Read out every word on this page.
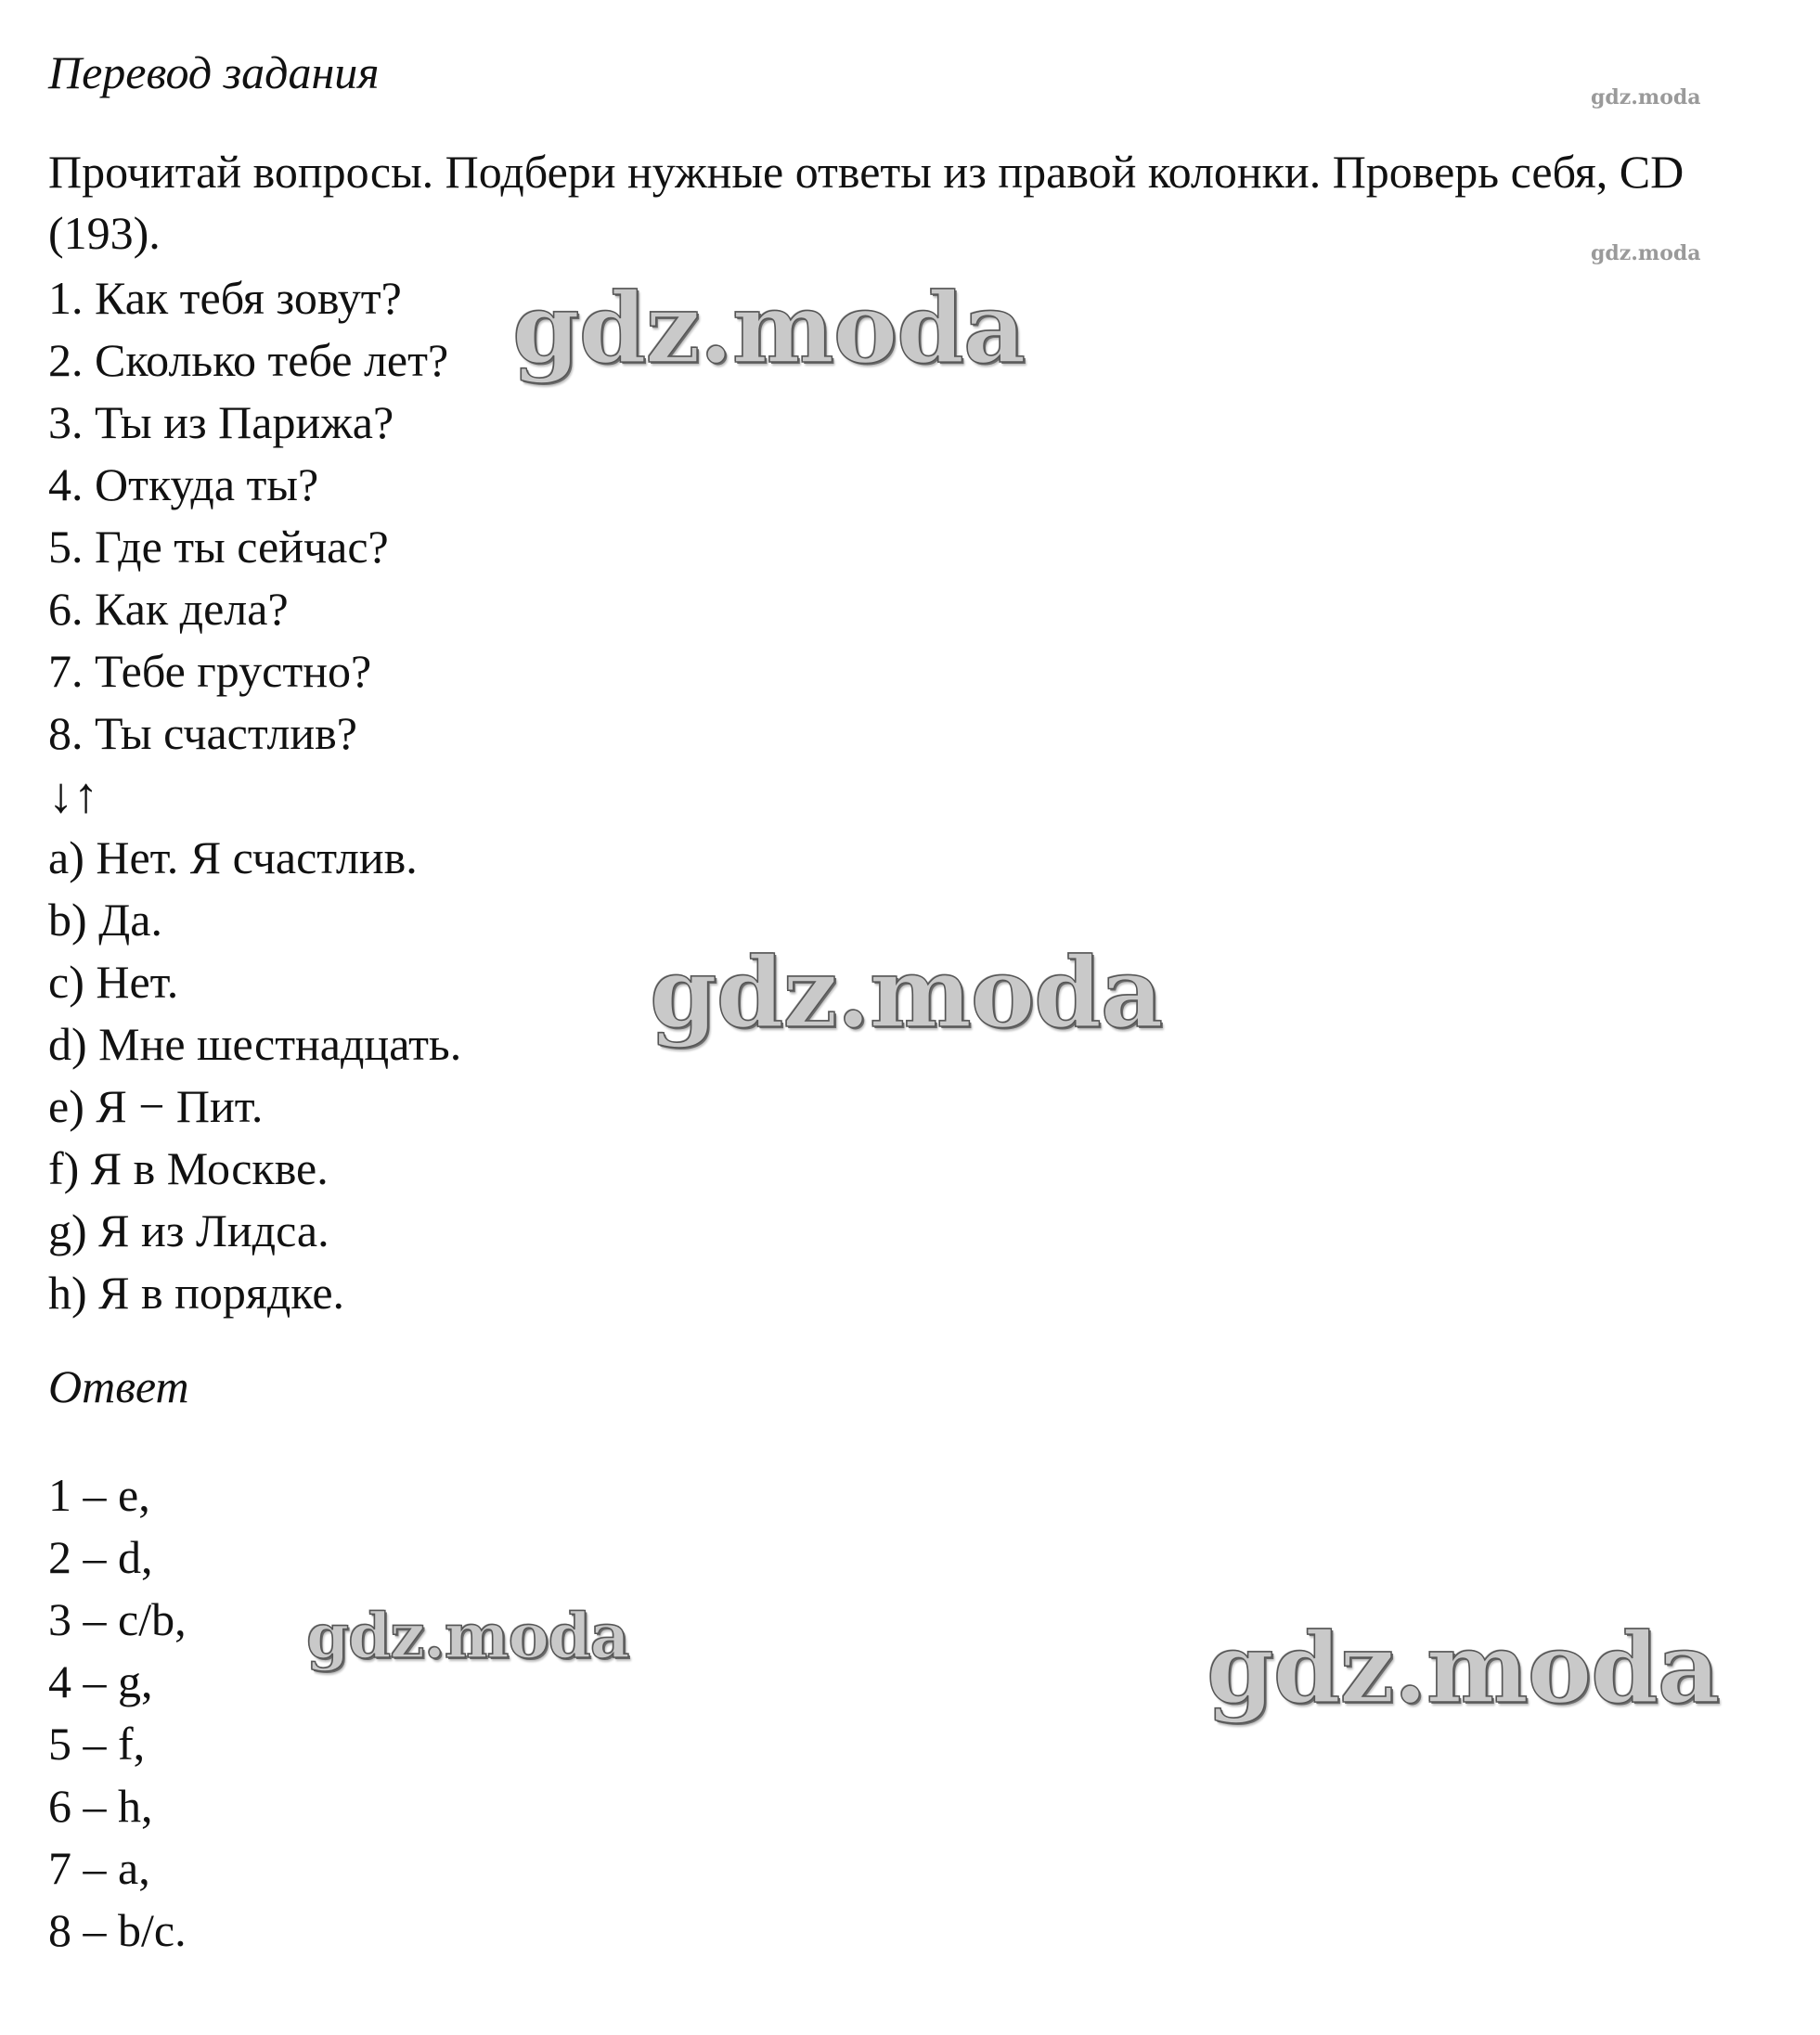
Перевод задания

Прочитай вопросы. Подбери нужные ответы из правой колонки. Проверь себя, CD (193).

1. Как тебя зовут?
2. Сколько тебе лет?
3. Ты из Парижа?
4. Откуда ты?
5. Где ты сейчас?
6. Как дела?
7. Тебе грустно?
8. Ты счастлив?
↓↑
a) Нет. Я счастлив.
b) Да.
c) Нет.
d) Мне шестнадцать.
e) Я − Пит.
f) Я в Москве.
g) Я из Лидса.
h) Я в порядке.
Ответ
1 – e,
2 – d,
3 – c/b,
4 – g,
5 – f,
6 – h,
7 – a,
8 – b/c.
gdz.moda
gdz.moda
gdz.moda
gdz.moda
gdz.moda	gdz.moda
